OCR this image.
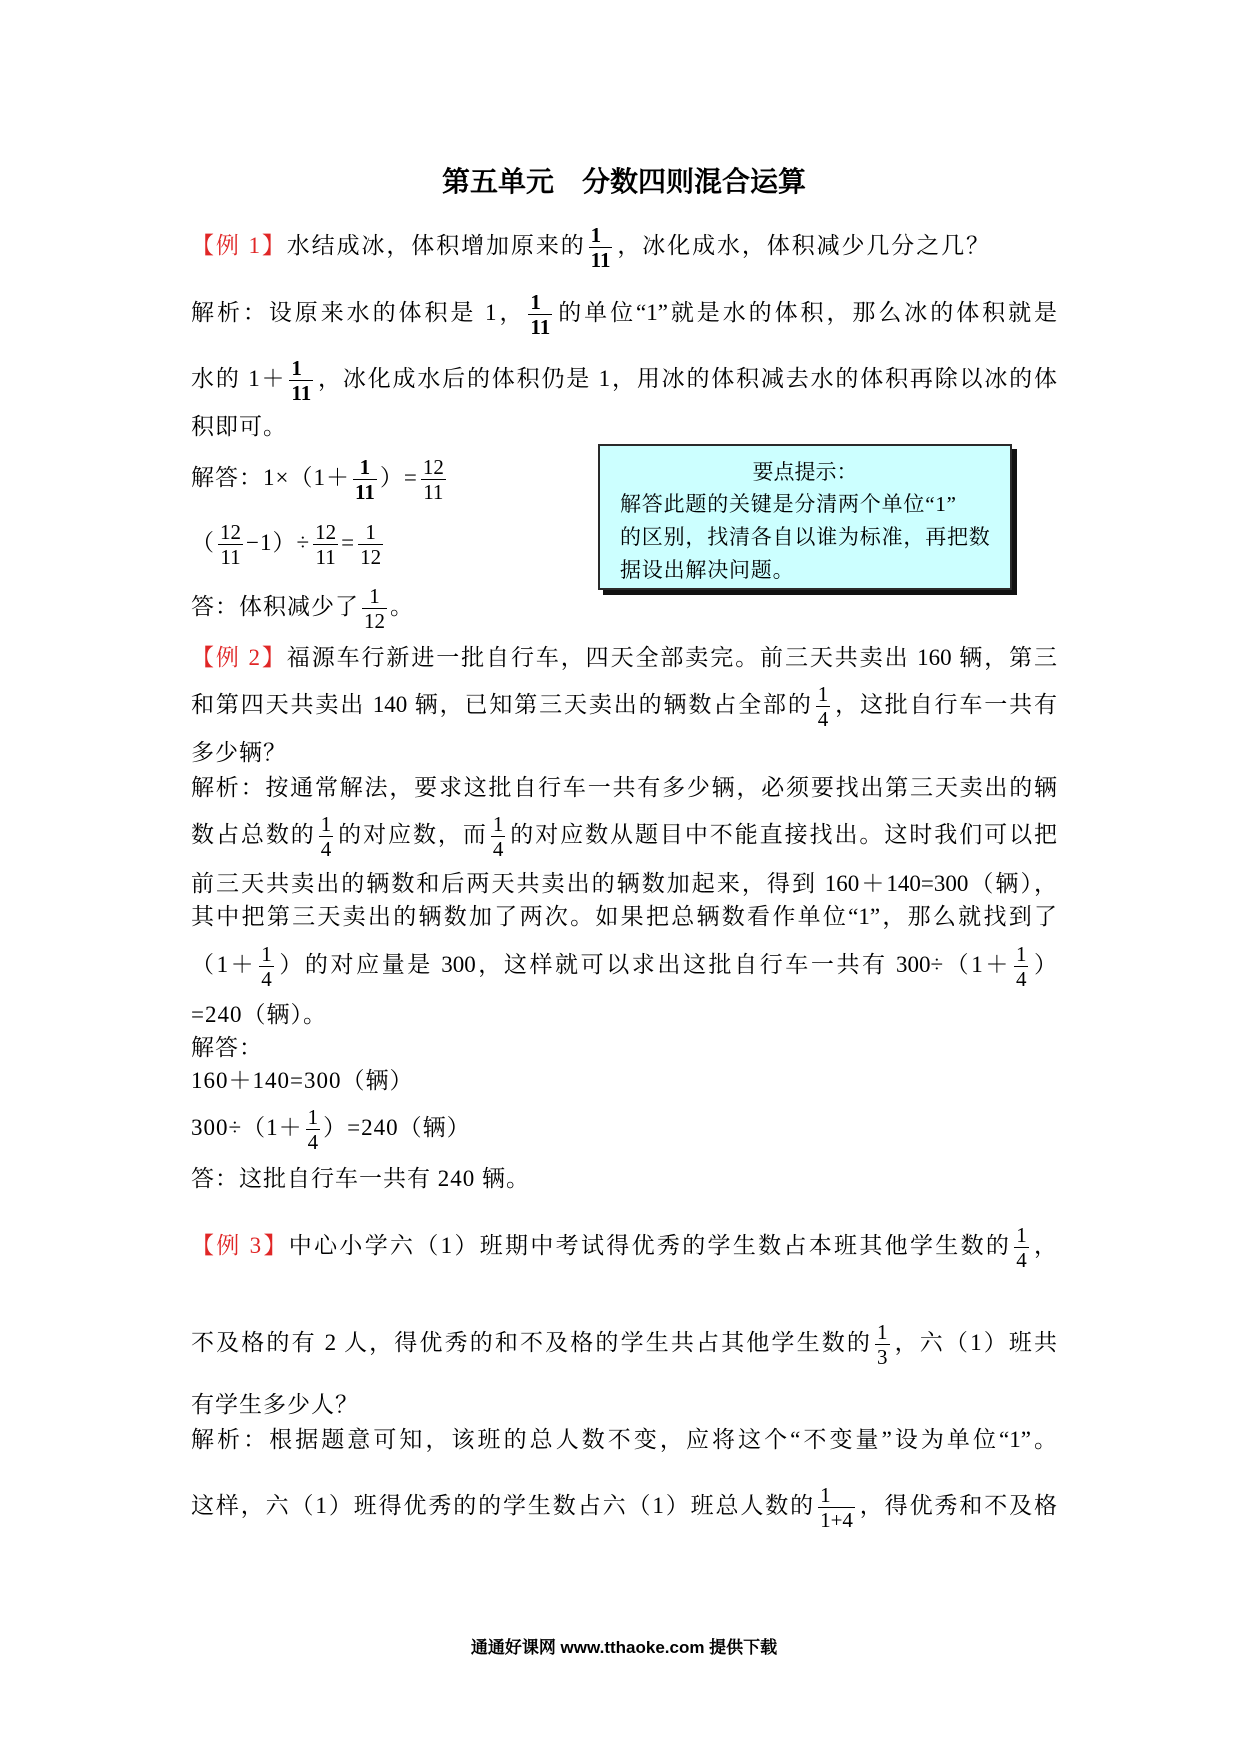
第五单元　分数四则混合运算
【例 1】水结成冰，体积增加原来的 $\frac{1}{11}$ ，冰化成水，体积减少几分之几？
解析：设原来水的体积是 1， $\frac{1}{11}$ 的单位“1”就是水的体积，那么冰的体积就是
水的 $1+ \frac{1}{11}$ ，冰化成水后的体积仍是 1，用冰的体积减去水的体积再除以冰的体
积即可。
解答：$1\times(1+ \frac{1}{11}$ ）= $\frac{12}{11}$
（ $\frac{12}{11} -1)\div \frac{12}{11} = \frac{1}{12}$
答：体积减少了 $\frac{1}{12}$ 。
要点提示：
解答此题的关键是分清两个单位“1”
的区别，找清各自以谁为标准，再把数
据设出解决问题。
【例 2】福源车行新进一批自行车，四天全部卖完。前三天共卖出 160 辆，第三
和第四天共卖出 140 辆，已知第三天卖出的辆数占全部的 $\frac{1}{4}$ ，这批自行车一共有
多少辆？
解析：按通常解法，要求这批自行车一共有多少辆，必须要找出第三天卖出的辆
数占总数的 $\frac{1}{4}$ 的对应数，而 $\frac{1}{4}$ 的对应数从题目中不能直接找出。这时我们可以把
前三天共卖出的辆数和后两天共卖出的辆数加起来，得到 160＋140=300（辆），
其中把第三天卖出的辆数加了两次。如果把总辆数看作单位“1”，那么就找到了
（$1+ \frac{1}{4}$ ）的对应量是 300，这样就可以求出这批自行车一共有 $300\div(1+ \frac{1}{4}$ ）
=240（辆）。
解答：
160＋140=300（辆）
$300\div(1+ \frac{1}{4} )=240$（辆）
答：这批自行车一共有 240 辆。
【例 3】中心小学六（1）班期中考试得优秀的学生数占本班其他学生数的 $\frac{1}{4}$ ，
不及格的有 2 人，得优秀的和不及格的学生共占其他学生数的 $\frac{1}{3}$ ，六（1）班共
有学生多少人？
解析：根据题意可知，该班的总人数不变，应将这个“不变量”设为单位“1”。
这样，六（1）班得优秀的的学生数占六（1）班总人数的 $\frac{1}{1+4}$ ，得优秀和不及格
通通好课网 www.tthaoke.com 提供下载
